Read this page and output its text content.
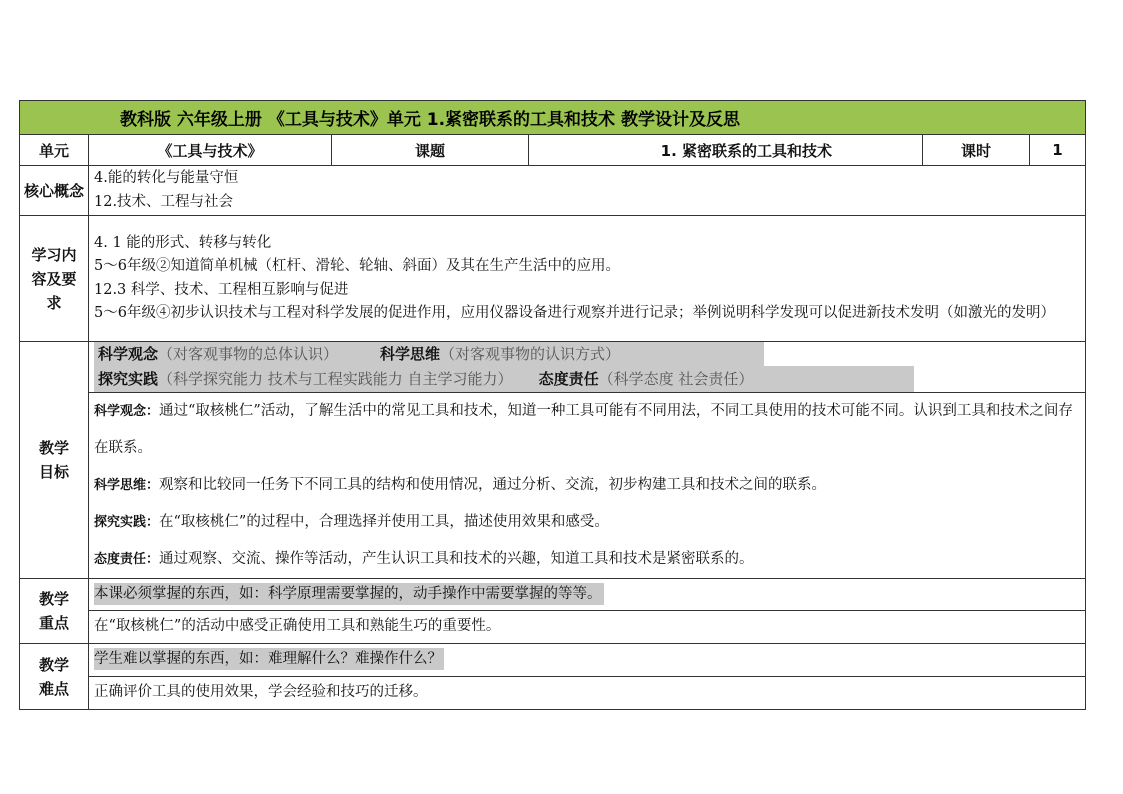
教科版 六年级上册 《工具与技术》单元 1.紧密联系的工具和技术 教学设计及反思					
单元	《工具与技术》	课题	1. 紧密联系的工具和技术	课时	1
核心概念	4.能的转化与能量守恒
12.技术、工程与社会				

学习内容及要求	4. 1 能的形式、转移与转化
5～6年级②知道简单机械（杠杆、滑轮、轮轴、斜面）及其在生产生活中的应用。
12.3 科学、技术、工程相互影响与促进
5～6年级④初步认识技术与工程对科学发展的促进作用，应用仪器设备进行观察并进行记录；举例说明科学发现可以促进新技术发明（如激光的发明）				

教学目标	科学观念（对客观事物的总体认识） 科学思维（对客观事物的认识方式）
探究实践（科学探究能力 技术与工程实践能力 自主学习能力） 态度责任（科学态度 社会责任）				

	科学观念：通过“取核桃仁”活动，了解生活中的常见工具和技术，知道一种工具可能有不同用法，不同工具使用的技术可能不同。认识到工具和技术之间存在联系。
科学思维：观察和比较同一任务下不同工具的结构和使用情况，通过分析、交流，初步构建工具和技术之间的联系。
探究实践：在“取核桃仁”的过程中，合理选择并使用工具，描述使用效果和感受。
态度责任：通过观察、交流、操作等活动，产生认识工具和技术的兴趣，知道工具和技术是紧密联系的。				

教学重点	本课必须掌握的东西，如：科学原理需要掌握的，动手操作中需要掌握的等等。				
	在“取核桃仁”的活动中感受正确使用工具和熟能生巧的重要性。				
教学难点	学生难以掌握的东西，如：难理解什么？难操作什么？				
	正确评价工具的使用效果，学会经验和技巧的迁移。				
